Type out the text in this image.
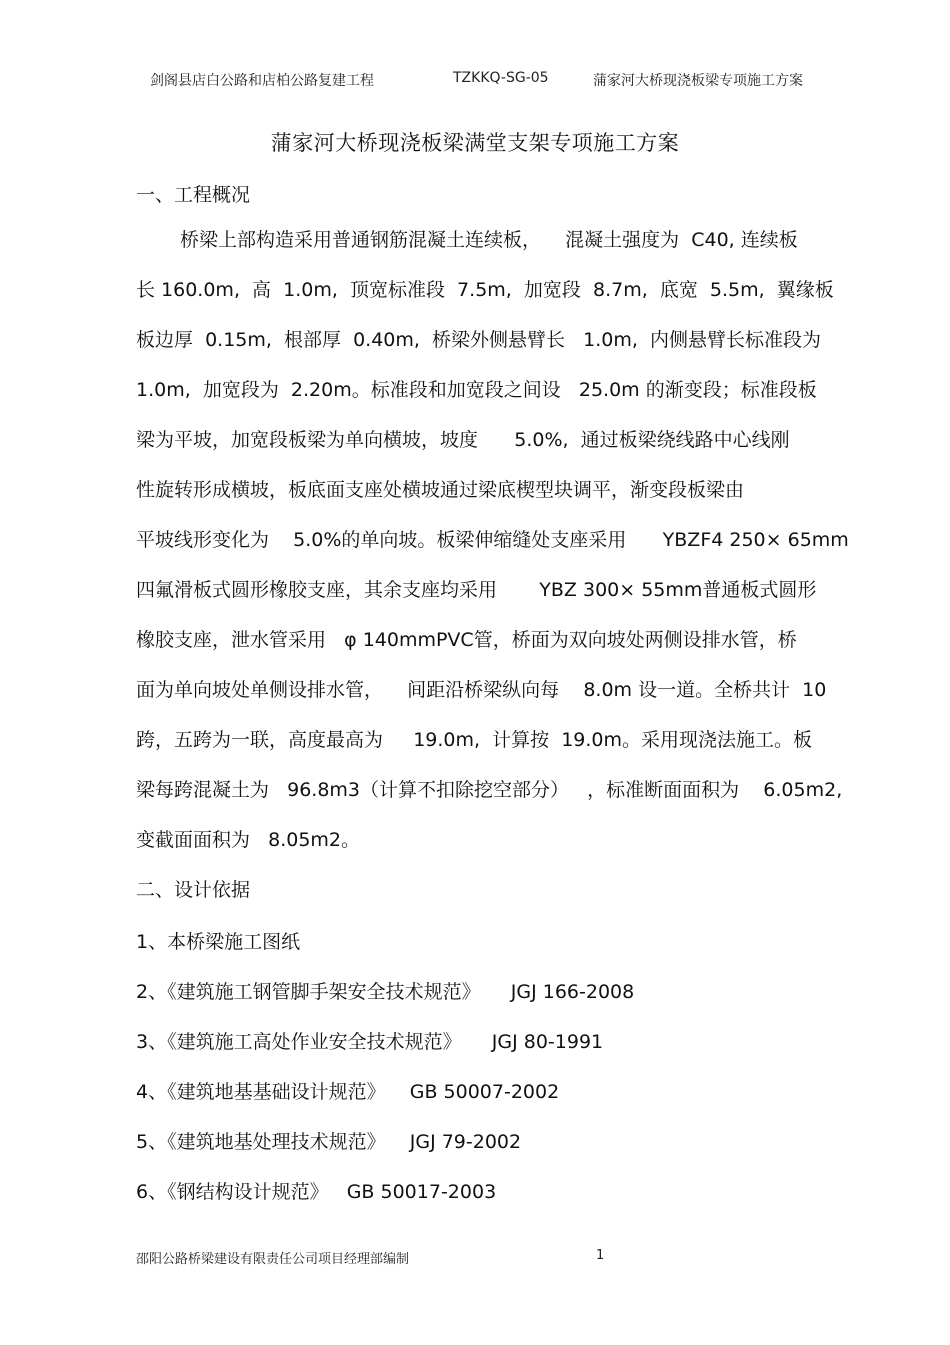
剑阁县店白公路和店柏公路复建工程	TZKKQ-SG-05	蒲家河大桥现浇板梁专项施工方案
蒲家河大桥现浇板梁满堂支架专项施工方案
一、工程概况
桥梁上部构造采用普通钢筋混凝土连续板，    混凝土强度为  C40, 连续板
长 160.0m,  高  1.0m,  顶宽标准段  7.5m,  加宽段  8.7m,  底宽  5.5m,  翼缘板
板边厚  0.15m,  根部厚  0.40m,  桥梁外侧悬臂长   1.0m,  内侧悬臂长标准段为
1.0m,  加宽段为  2.20m。标准段和加宽段之间设   25.0m 的渐变段；标准段板
梁为平坡，加宽段板梁为单向横坡，坡度      5.0%,  通过板梁绕线路中心线刚
性旋转形成横坡，板底面支座处横坡通过梁底楔型块调平，渐变段板梁由
平坡线形变化为    5.0%的单向坡。板梁伸缩缝处支座采用      YBZF4 250× 65mm
四氟滑板式圆形橡胶支座，其余支座均采用       YBZ 300× 55mm普通板式圆形
橡胶支座，泄水管采用   φ 140mmPVC管，桥面为双向坡处两侧设排水管，桥
面为单向坡处单侧设排水管，    间距沿桥梁纵向每    8.0m 设一道。全桥共计  10
跨，五跨为一联，高度最高为     19.0m,  计算按  19.0m。采用现浇法施工。板
梁每跨混凝土为   96.8m3（计算不扣除挖空部分）   ，标准断面面积为    6.05m2,
变截面面积为   8.05m2。
二、设计依据
1、本桥梁施工图纸
2、《建筑施工钢管脚手架安全技术规范》     JGJ 166-2008
3、《建筑施工高处作业安全技术规范》     JGJ 80-1991
4、《建筑地基基础设计规范》    GB 50007-2002
5、《建筑地基处理技术规范》    JGJ 79-2002
6、《钢结构设计规范》   GB 50017-2003
邵阳公路桥梁建设有限责任公司项目经理部编制	1
